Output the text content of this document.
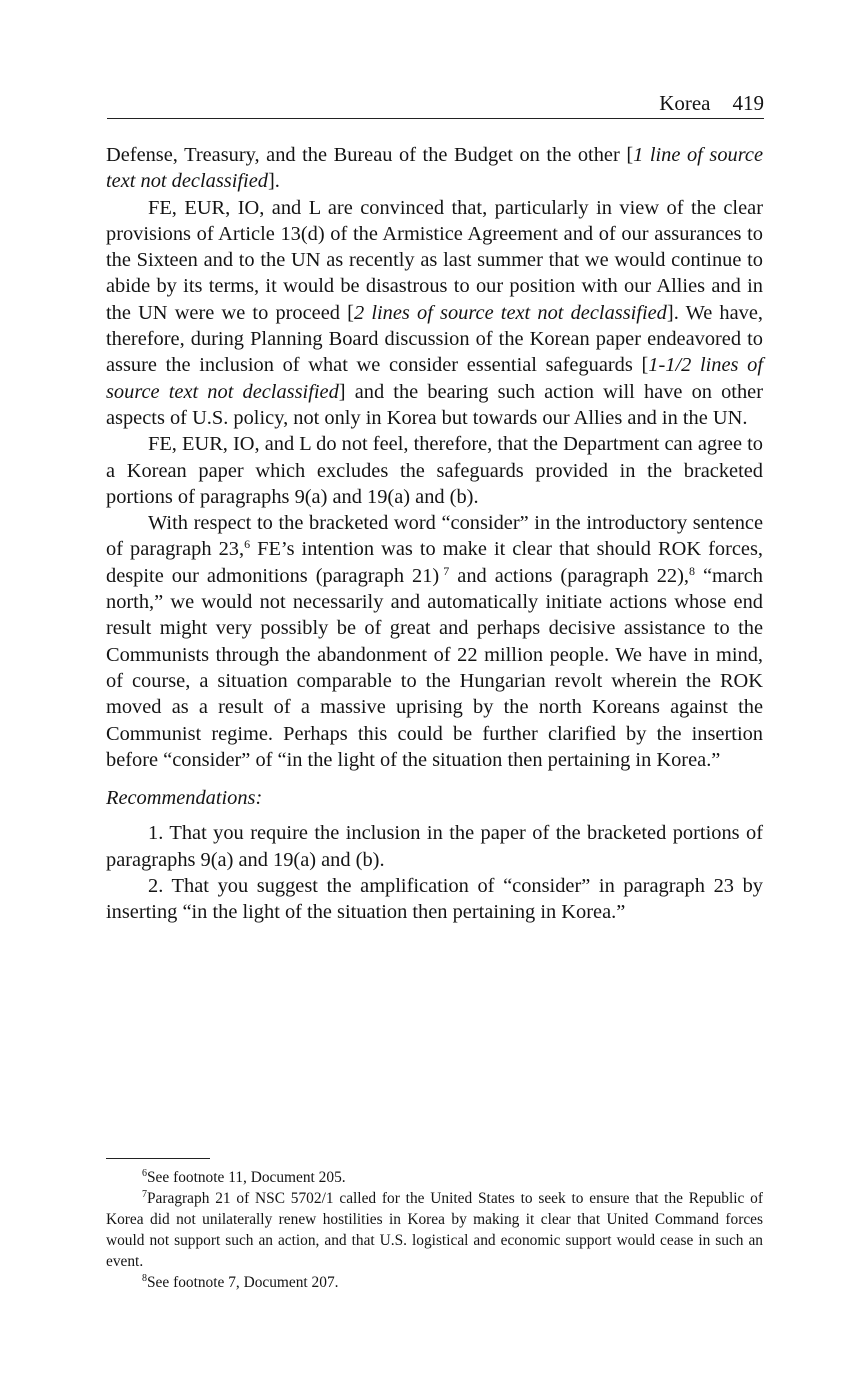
Korea 419

Defense, Treasury, and the Bureau of the Budget on the other [1 line of source text not declassified].

FE, EUR, IO, and L are convinced that, particularly in view of the clear provisions of Article 13(d) of the Armistice Agreement and of our assurances to the Sixteen and to the UN as recently as last summer that we would continue to abide by its terms, it would be disastrous to our position with our Allies and in the UN were we to proceed [2 lines of source text not declassified]. We have, therefore, during Planning Board discussion of the Korean paper endeavored to assure the inclusion of what we consider essential safeguards [1-1/2 lines of source text not declassified] and the bearing such action will have on other aspects of U.S. policy, not only in Korea but towards our Allies and in the UN.

FE, EUR, IO, and L do not feel, therefore, that the Department can agree to a Korean paper which excludes the safeguards provided in the bracketed portions of paragraphs 9(a) and 19(a) and (b).

With respect to the bracketed word “consider” in the introductory sentence of paragraph 23,$^6$ FE’s intention was to make it clear that should ROK forces, despite our admonitions (paragraph 21)  $^7$ and actions (paragraph 22),$^8$ “march north,” we would not necessarily and automatically initiate actions whose end result might very possibly be of great and perhaps decisive assistance to the Communists through the abandonment of 22 million people. We have in mind, of course, a situation comparable to the Hungarian revolt wherein the ROK moved as a result of a massive uprising by the north Koreans against the Communist regime. Perhaps this could be further clarified by the insertion before “consider” of “in the light of the situation then pertaining in Korea.”

Recommendations:

1. That you require the inclusion in the paper of the bracketed portions of paragraphs 9(a) and 19(a) and (b).

2. That you suggest the amplification of “consider” in paragraph 23 by inserting “in the light of the situation then pertaining in Korea.”

$^6$See footnote 11, Document 205.

$^7$Paragraph 21 of NSC 5702/1 called for the United States to seek to ensure that the Republic of Korea did not unilaterally renew hostilities in Korea by making it clear that United Command forces would not support such an action, and that U.S. logistical and economic support would cease in such an event.

$^8$See footnote 7, Document 207.
